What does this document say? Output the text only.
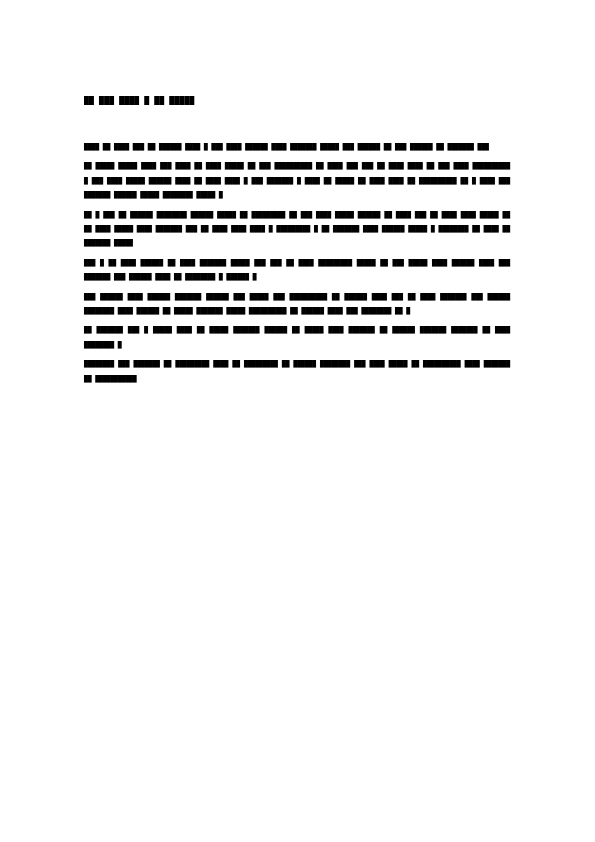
██ ███ ████ █ ██ █████

████ ██ ████ ███ ██ ██████ ████ █ ███ ████ ██████ ████ ███████ █████ ███ ██████ ██ ███ ██████ ██ ███████ ███

██ █████ █████ ████ ███ ████ ██ ████ █████ ██ ███ ██████████ ██ ████ ███ ███ ██ ████ ████ ██ ███ ████ ██████████ █ ███ ████ █████ ██████ ████ ██ ████ ████ █ ███ ███████ █ ████ ██ █████ ██ ████ ████ ██ ██████████ ██ █ ████ ███ ███████ ██████ █████ ████████ █████ █

██ █ ███ ██ ██████ ████████ ██████ █████ ██ █████████ ██ ███ ████ █████ ██████ ██ ████ ███ ██ ████ ████ █████ ██ ██ ████ █████ ████ ███████ ███ ██ ████ ████ ████ █ █████████ █ ██ ███████ ████ ██████ █████ █ ████████ ██ ████ ██ ███████ █████

███ █ ██ ████ ██████ ██ ████ ███████ █████ ███ ███ ██ ████ █████████ █████ ██ ███ █████ ████ ██████ ████ ███ ███████ ███ ██████ ████ ██ ████████ █ ██████ █

███ ██████ ████ ██████ ███████ ██████ ███ █████ ███ ██████████ ██ ██████ ████ ███ ██ ████ ███████ ███ ██████ ████████ ████ ██████ ██ █████ ███████ █████ ██████████ ██ ██████ ████ ███ ████████ ██ █

██ ███████ ███ █ █████ ████ ██ █████ ███████ ██████ ██ █████ ████ ███████ ██ ██████ ███████ ███████ ██ ████ ████████ █

████████ ███ ███████ ██ █████████ ████ ██ █████████ ██ ██████ ████████ ███ ████ █████ ██ ██████████ ████ ███████ ██ ███████████
